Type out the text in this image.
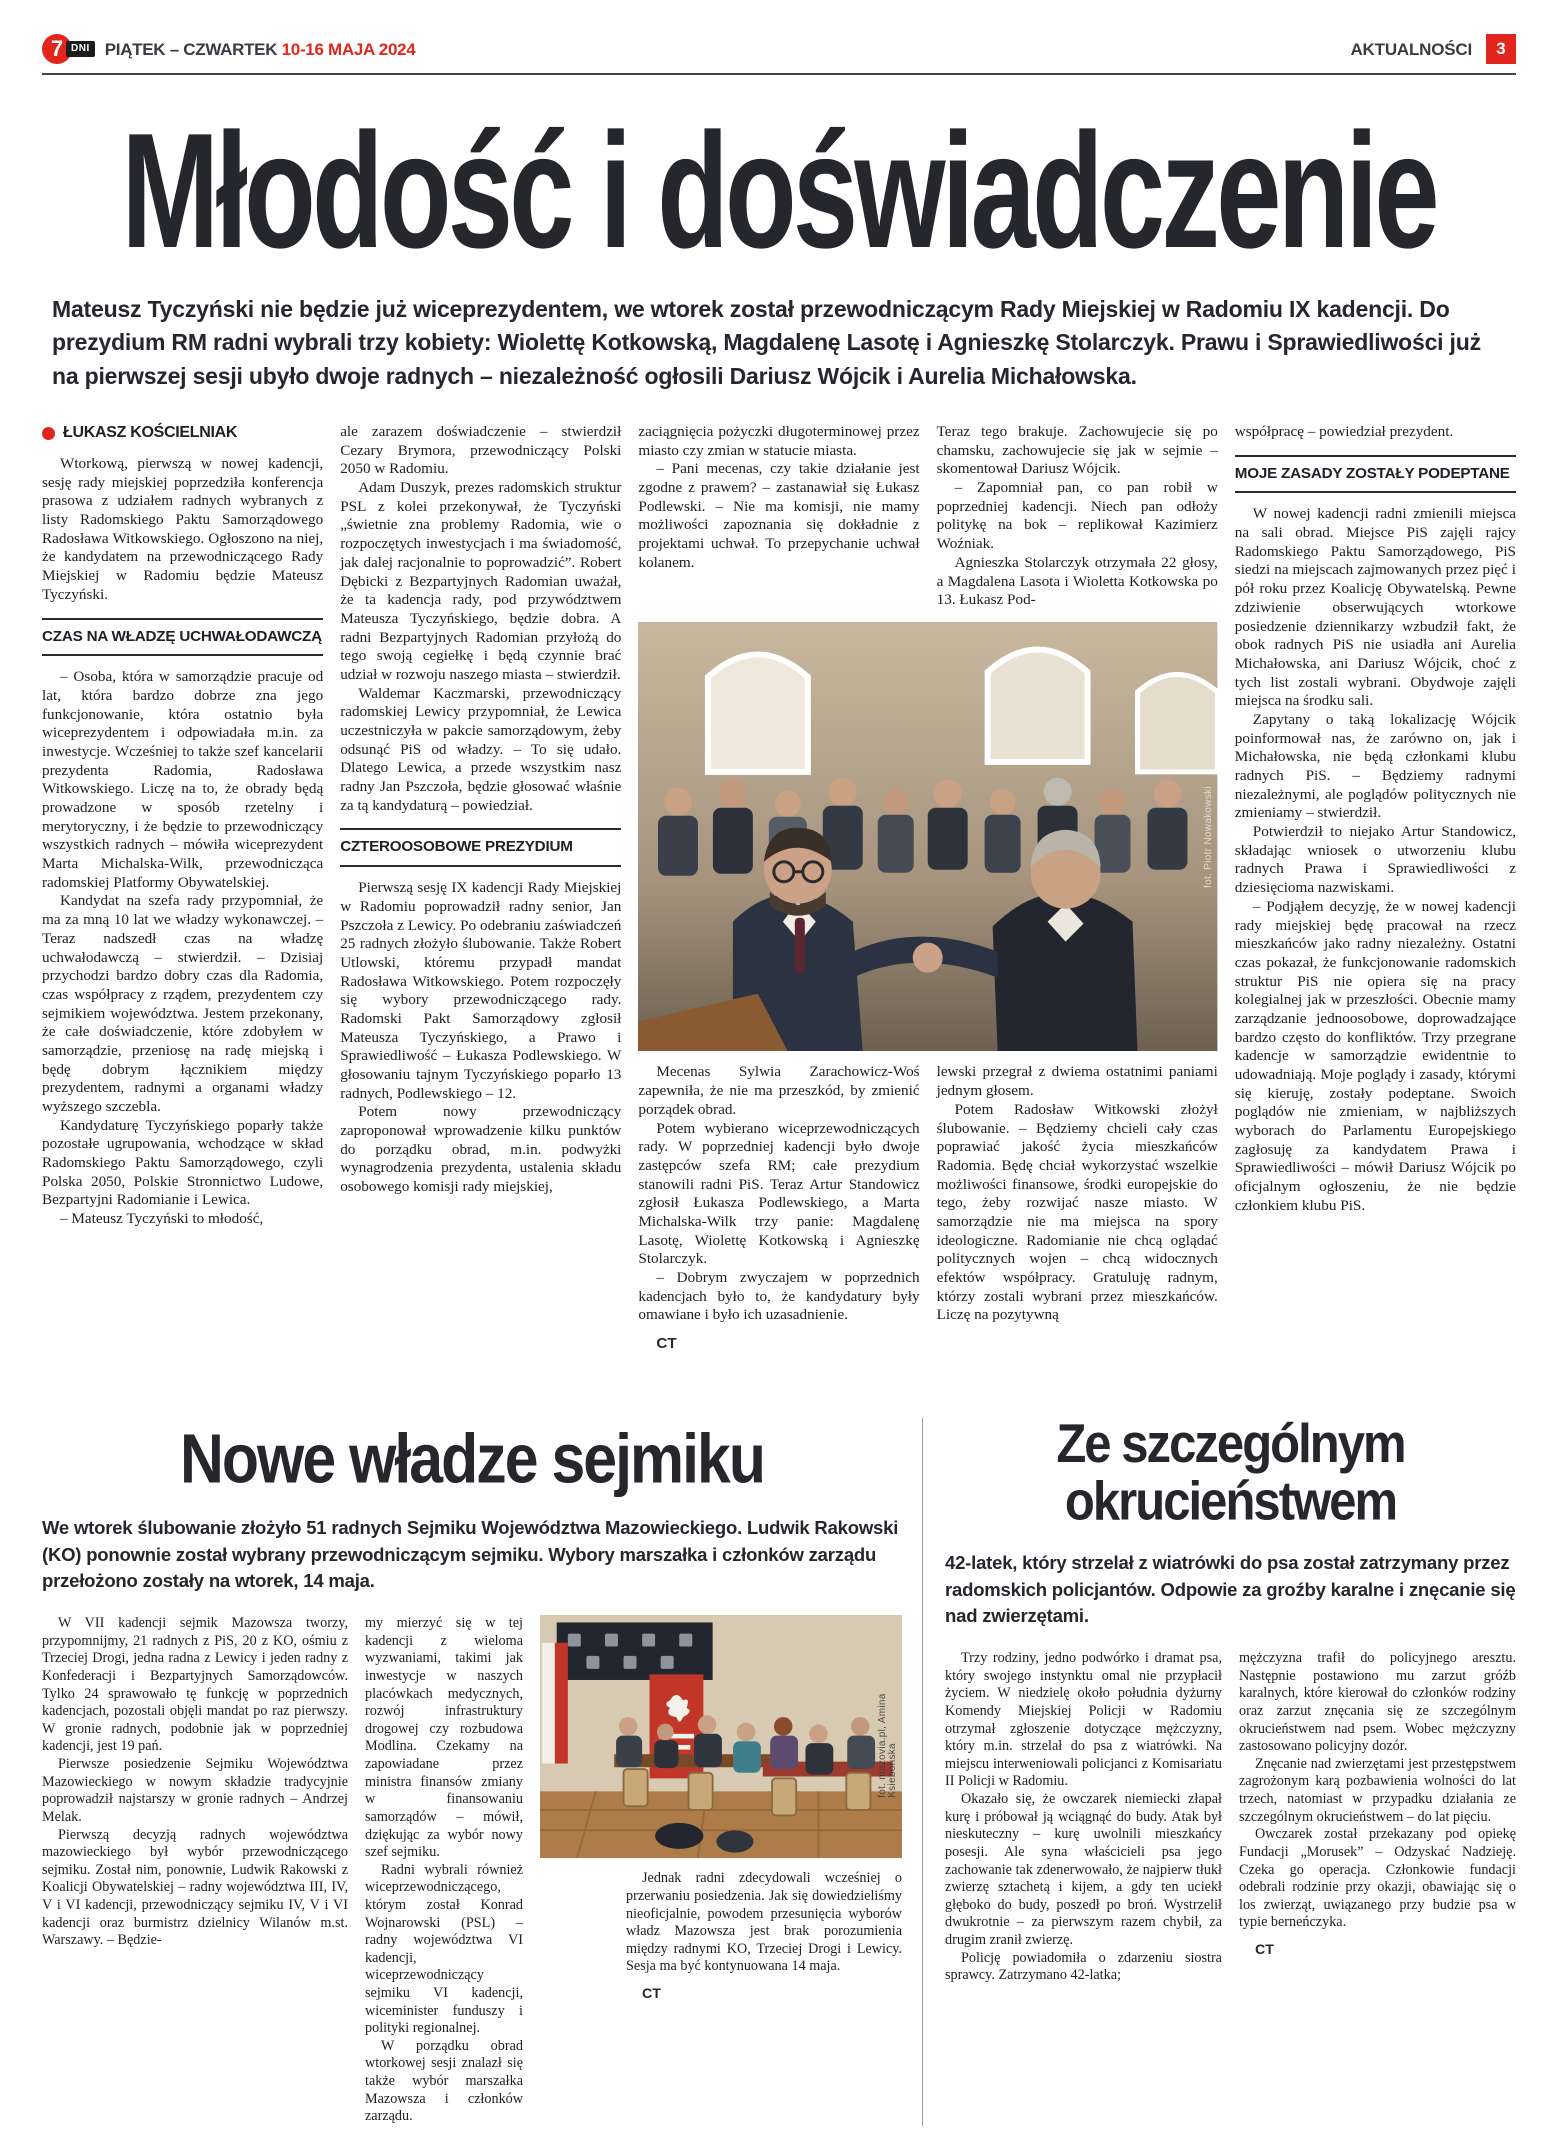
7 DNI PIĄTEK – CZWARTEK 10-16 MAJA 2024	AKTUALNOŚCI	3
Młodość i doświadczenie

Mateusz Tyczyński nie będzie już wiceprezydentem, we wtorek został przewodniczącym Rady Miejskiej w Radomiu IX kadencji. Do prezydium RM radni wybrali trzy kobiety: Wiolettę Kotkowską, Magdalenę Lasotę i Agnieszkę Stolarczyk. Prawu i Sprawiedliwości już na pierwszej sesji ubyło dwoje radnych – niezależność ogłosili Dariusz Wójcik i Aurelia Michałowska.

ŁUKASZ KOŚCIELNIAK

Wtorkową, pierwszą w nowej kadencji, sesję rady miejskiej poprzedziła konferencja prasowa z udziałem radnych wybranych z listy Radomskiego Paktu Samorządowego Radosława Witkowskiego. Ogłoszono na niej, że kandydatem na przewodniczącego Rady Miejskiej w Radomiu będzie Mateusz Tyczyński.

CZAS NA WŁADZĘ UCHWAŁODAWCZĄ

– Osoba, która w samorządzie pracuje od lat, która bardzo dobrze zna jego funkcjonowanie, która ostatnio była wiceprezydentem i odpowiadała m.in. za inwestycje. Wcześniej to także szef kancelarii prezydenta Radomia, Radosława Witkowskiego. Liczę na to, że obrady będą prowadzone w sposób rzetelny i merytoryczny, i że będzie to przewodniczący wszystkich radnych – mówiła wiceprezydent Marta Michalska-Wilk, przewodnicząca radomskiej Platformy Obywatelskiej.

Kandydat na szefa rady przypomniał, że ma za mną 10 lat we władzy wykonawczej. – Teraz nadszedł czas na władzę uchwałodawczą – stwierdził. – Dzisiaj przychodzi bardzo dobry czas dla Radomia, czas współpracy z rządem, prezydentem czy sejmikiem województwa. Jestem przekonany, że całe doświadczenie, które zdobyłem w samorządzie, przeniosę na radę miejską i będę dobrym łącznikiem między prezydentem, radnymi a organami władzy wyższego szczebla.

Kandydaturę Tyczyńskiego poparły także pozostałe ugrupowania, wchodzące w skład Radomskiego Paktu Samorządowego, czyli Polska 2050, Polskie Stronnictwo Ludowe, Bezpartyjni Radomianie i Lewica.

– Mateusz Tyczyński to młodość,

ale zarazem doświadczenie – stwierdził Cezary Brymora, przewodniczący Polski 2050 w Radomiu.

Adam Duszyk, prezes radomskich struktur PSL z kolei przekonywał, że Tyczyński „świetnie zna problemy Radomia, wie o rozpoczętych inwestycjach i ma świadomość, jak dalej racjonalnie to poprowadzić”. Robert Dębicki z Bezpartyjnych Radomian uważał, że ta kadencja rady, pod przywództwem Mateusza Tyczyńskiego, będzie dobra. A radni Bezpartyjnych Radomian przyłożą do tego swoją cegiełkę i będą czynnie brać udział w rozwoju naszego miasta – stwierdził.

Waldemar Kaczmarski, przewodniczący radomskiej Lewicy przypomniał, że Lewica uczestniczyła w pakcie samorządowym, żeby odsunąć PiS od władzy. – To się udało. Dlatego Lewica, a przede wszystkim nasz radny Jan Pszczoła, będzie głosować właśnie za tą kandydaturą – powiedział.

CZTEROOSOBOWE PREZYDIUM

Pierwszą sesję IX kadencji Rady Miejskiej w Radomiu poprowadził radny senior, Jan Pszczoła z Lewicy. Po odebraniu zaświadczeń 25 radnych złożyło ślubowanie. Także Robert Utlowski, któremu przypadł mandat Radosława Witkowskiego. Potem rozpoczęły się wybory przewodniczącego rady. Radomski Pakt Samorządowy zgłosił Mateusza Tyczyńskiego, a Prawo i Sprawiedliwość – Łukasza Podlewskiego. W głosowaniu tajnym Tyczyńskiego poparło 13 radnych, Podlewskiego – 12.

Potem nowy przewodniczący zaproponował wprowadzenie kilku punktów do porządku obrad, m.in. podwyżki wynagrodzenia prezydenta, ustalenia składu osobowego komisji rady miejskiej,

zaciągnięcia pożyczki długoterminowej przez miasto czy zmian w statucie miasta.

– Pani mecenas, czy takie działanie jest zgodne z prawem? – zastanawiał się Łukasz Podlewski. – Nie ma komisji, nie mamy możliwości zapoznania się dokładnie z projektami uchwał. To przepychanie uchwał kolanem.

Teraz tego brakuje. Zachowujecie się po chamsku, zachowujecie się jak w sejmie – skomentował Dariusz Wójcik.

– Zapomniał pan, co pan robił w poprzedniej kadencji. Niech pan odłoży politykę na bok – replikował Kazimierz Woźniak.

Agnieszka Stolarczyk otrzymała 22 głosy, a Magdalena Lasota i Wioletta Kotkowska po 13. Łukasz Pod-

fot. Piotr Nowakowski

Mecenas Sylwia Zarachowicz-Woś zapewniła, że nie ma przeszkód, by zmienić porządek obrad.

Potem wybierano wiceprzewodniczących rady. W poprzedniej kadencji było dwoje zastępców szefa RM; całe prezydium stanowili radni PiS. Teraz Artur Standowicz zgłosił Łukasza Podlewskiego, a Marta Michalska-Wilk trzy panie: Magdalenę Lasotę, Wiolettę Kotkowską i Agnieszkę Stolarczyk.

– Dobrym zwyczajem w poprzednich kadencjach było to, że kandydatury były omawiane i było ich uzasadnienie.

CT

lewski przegrał z dwiema ostatnimi paniami jednym głosem.

Potem Radosław Witkowski złożył ślubowanie. – Będziemy chcieli cały czas poprawiać jakość życia mieszkańców Radomia. Będę chciał wykorzystać wszelkie możliwości finansowe, środki europejskie do tego, żeby rozwijać nasze miasto. W samorządzie nie ma miejsca na spory ideologiczne. Radomianie nie chcą oglądać politycznych wojen – chcą widocznych efektów współpracy. Gratuluję radnym, którzy zostali wybrani przez mieszkańców. Liczę na pozytywną

współpracę – powiedział prezydent.

MOJE ZASADY ZOSTAŁY PODEPTANE

W nowej kadencji radni zmienili miejsca na sali obrad. Miejsce PiS zajęli rajcy Radomskiego Paktu Samorządowego, PiS siedzi na miejscach zajmowanych przez pięć i pół roku przez Koalicję Obywatelską. Pewne zdziwienie obserwujących wtorkowe posiedzenie dziennikarzy wzbudził fakt, że obok radnych PiS nie usiadła ani Aurelia Michałowska, ani Dariusz Wójcik, choć z tych list zostali wybrani. Obydwoje zajęli miejsca na środku sali.

Zapytany o taką lokalizację Wójcik poinformował nas, że zarówno on, jak i Michałowska, nie będą członkami klubu radnych PiS. – Będziemy radnymi niezależnymi, ale poglądów politycznych nie zmieniamy – stwierdził.

Potwierdził to niejako Artur Standowicz, składając wniosek o utworzeniu klubu radnych Prawa i Sprawiedliwości z dziesięcioma nazwiskami.

– Podjąłem decyzję, że w nowej kadencji rady miejskiej będę pracował na rzecz mieszkańców jako radny niezależny. Ostatni czas pokazał, że funkcjonowanie radomskich struktur PiS nie opiera się na pracy kolegialnej jak w przeszłości. Obecnie mamy zarządzanie jednoosobowe, doprowadzające bardzo często do konfliktów. Trzy przegrane kadencje w samorządzie ewidentnie to udowadniają. Moje poglądy i zasady, którymi się kieruję, zostały podeptane. Swoich poglądów nie zmieniam, w najbliższych wyborach do Parlamentu Europejskiego zagłosuję za kandydatem Prawa i Sprawiedliwości – mówił Dariusz Wójcik po oficjalnym ogłoszeniu, że nie będzie członkiem klubu PiS.

Nowe władze sejmiku

We wtorek ślubowanie złożyło 51 radnych Sejmiku Województwa Mazowieckiego. Ludwik Rakowski (KO) ponownie został wybrany przewodniczącym sejmiku. Wybory marszałka i członków zarządu przełożono zostały na wtorek, 14 maja.

W VII kadencji sejmik Mazowsza tworzy, przypomnijmy, 21 radnych z PiS, 20 z KO, ośmiu z Trzeciej Drogi, jedna radna z Lewicy i jeden radny z Konfederacji i Bezpartyjnych Samorządowców. Tylko 24 sprawowało tę funkcję w poprzednich kadencjach, pozostali objęli mandat po raz pierwszy. W gronie radnych, podobnie jak w poprzedniej kadencji, jest 19 pań.

Pierwsze posiedzenie Sejmiku Województwa Mazowieckiego w nowym składzie tradycyjnie poprowadził najstarszy w gronie radnych – Andrzej Melak.

Pierwszą decyzją radnych województwa mazowieckiego był wybór przewodniczącego sejmiku. Został nim, ponownie, Ludwik Rakowski z Koalicji Obywatelskiej – radny województwa III, IV, V i VI kadencji, przewodniczący sejmiku IV, V i VI kadencji oraz burmistrz dzielnicy Wilanów m.st. Warszawy. – Będzie-

my mierzyć się w tej kadencji z wieloma wyzwaniami, takimi jak inwestycje w naszych placówkach medycznych, rozwój infrastruktury drogowej czy rozbudowa Modlina. Czekamy na zapowiadane przez ministra finansów zmiany w finansowaniu samorządów – mówił, dziękując za wybór nowy szef sejmiku.

Radni wybrali również wiceprzewodniczącego, którym został Konrad Wojnarowski (PSL) – radny województwa VI kadencji, wiceprzewodniczący sejmiku VI kadencji, wiceminister funduszy i polityki regionalnej.

W porządku obrad wtorkowej sesji znalazł się także wybór marszałka Mazowsza i członków zarządu.

fot. mazovia.pl, Amina Ksiebońska

Jednak radni zdecydowali wcześniej o przerwaniu posiedzenia. Jak się dowiedzieliśmy nieoficjalnie, powodem przesunięcia wyborów władz Mazowsza jest brak porozumienia między radnymi KO, Trzeciej Drogi i Lewicy. Sesja ma być kontynuowana 14 maja.

CT

Ze szczególnym
okrucieństwem

42-latek, który strzelał z wiatrówki do psa został zatrzymany przez radomskich policjantów. Odpowie za groźby karalne i znęcanie się nad zwierzętami.

Trzy rodziny, jedno podwórko i dramat psa, który swojego instynktu omal nie przypłacił życiem. W niedzielę około południa dyżurny Komendy Miejskiej Policji w Radomiu otrzymał zgłoszenie dotyczące mężczyzny, który m.in. strzelał do psa z wiatrówki. Na miejscu interweniowali policjanci z Komisariatu II Policji w Radomiu.

Okazało się, że owczarek niemiecki złapał kurę i próbował ją wciągnąć do budy. Atak był nieskuteczny – kurę uwolnili mieszkańcy posesji. Ale syna właścicieli psa jego zachowanie tak zdenerwowało, że najpierw tłukł zwierzę sztachetą i kijem, a gdy ten uciekł głęboko do budy, poszedł po broń. Wystrzelił dwukrotnie – za pierwszym razem chybił, za drugim zranił zwierzę.

Policję powiadomiła o zdarzeniu siostra sprawcy. Zatrzymano 42-latka;

mężczyzna trafił do policyjnego aresztu. Następnie postawiono mu zarzut gróźb karalnych, które kierował do członków rodziny oraz zarzut znęcania się ze szczególnym okrucieństwem nad psem. Wobec mężczyzny zastosowano policyjny dozór.

Znęcanie nad zwierzętami jest przestępstwem zagrożonym karą pozbawienia wolności do lat trzech, natomiast w przypadku działania ze szczególnym okrucieństwem – do lat pięciu.

Owczarek został przekazany pod opiekę Fundacji „Morusek” – Odzyskać Nadzieję. Czeka go operacja. Członkowie fundacji odebrali rodzinie przy okazji, obawiając się o los zwierząt, uwiązanego przy budzie psa w typie berneńczyka.

CT
